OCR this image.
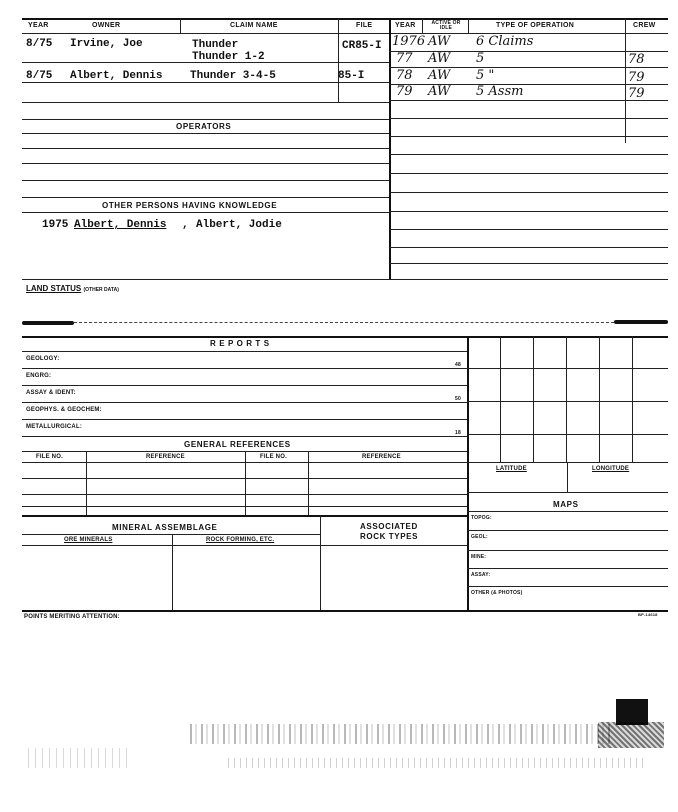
YEAR	OWNER	CLAIM NAME	FILE	YEAR	ACTIVE OR IDLE	TYPE OF OPERATION	CREW
8/75 Irvine, Joe	Thunder	CR85-I
Thunder 1-2
8/75 Albert, Dennis	Thunder 3-4-5	85-I
1976 AW 6 Claims
77 AW 5	78
78 AW 5 "	79
79 AW 5 Assm	79
OPERATORS
OTHER PERSONS HAVING KNOWLEDGE
1975 Albert, Dennis , Albert, Jodie
LAND STATUS (OTHER DATA)
R E P O R T S
GEOLOGY:
48
ENGRG:
ASSAY & IDENT:
50
GEOPHYS. & GEOCHEM:
METALLURGICAL:
18
GENERAL REFERENCES
FILE NO.	REFERENCE	FILE NO.	REFERENCE
MINERAL ASSEMBLAGE
ORE MINERALS	ROCK FORMING, ETC.
ASSOCIATED
ROCK TYPES
LATITUDE	LONGITUDE
MAPS
TOPOG:
GEOL:
MINE:
ASSAY:
OTHER (& PHOTOS)
POINTS MERITING ATTENTION:	BP-14618
